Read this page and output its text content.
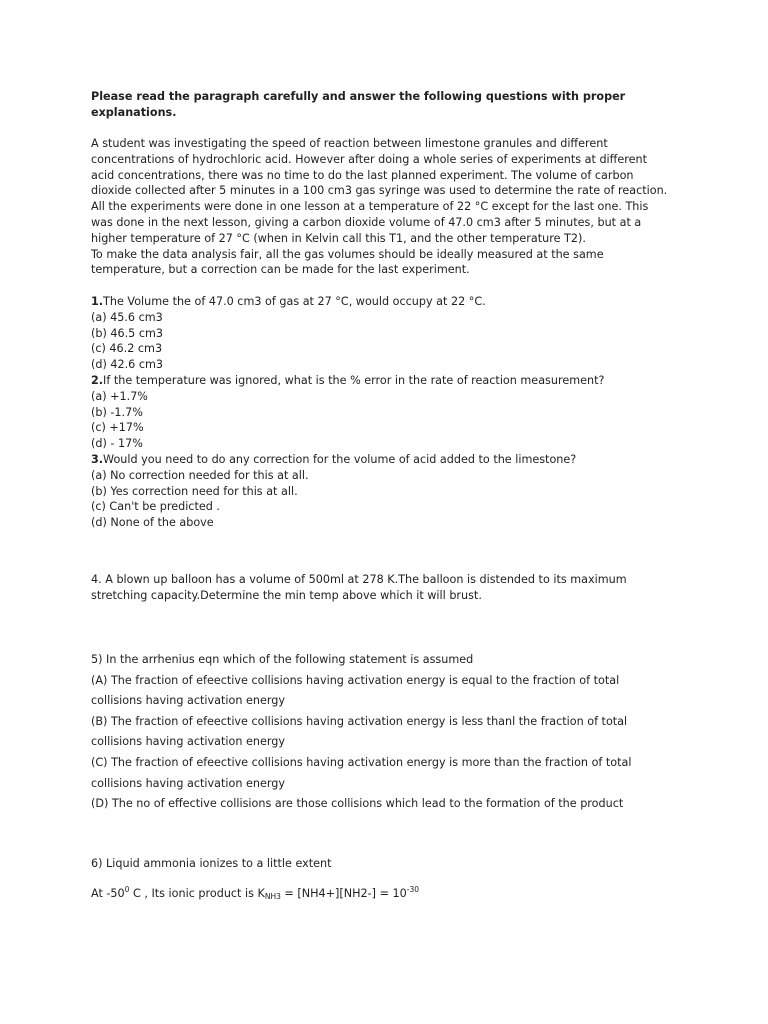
Please read the paragraph carefully and answer the following questions with proper
explanations.
A student was investigating the speed of reaction between limestone granules and different
concentrations of hydrochloric acid. However after doing a whole series of experiments at different
acid concentrations, there was no time to do the last planned experiment. The volume of carbon
dioxide collected after 5 minutes in a 100 cm3 gas syringe was used to determine the rate of reaction.
All the experiments were done in one lesson at a temperature of 22 °C except for the last one. This
was done in the next lesson, giving a carbon dioxide volume of 47.0 cm3 after 5 minutes, but at a
higher temperature of 27 °C (when in Kelvin call this T1, and the other temperature T2).
To make the data analysis fair, all the gas volumes should be ideally measured at the same
temperature, but a correction can be made for the last experiment.
1.The Volume the of 47.0 cm3 of gas at 27 °C, would occupy at 22 °C.
(a) 45.6 cm3
(b) 46.5 cm3
(c) 46.2 cm3
(d) 42.6 cm3
2.If the temperature was ignored, what is the % error in the rate of reaction measurement?
(a) +1.7%
(b) -1.7%
(c) +17%
(d) - 17%
3.Would you need to do any correction for the volume of acid added to the limestone?
(a) No correction needed for this at all.
(b) Yes correction need for this at all.
(c) Can't be predicted .
(d) None of the above
4. A blown up balloon has a volume of 500ml at 278 K.The balloon is distended to its maximum
stretching capacity.Determine the min temp above which it will brust.
5) In the arrhenius eqn which of the following statement is assumed
(A) The fraction of efeective collisions having activation energy is equal to the fraction of total
collisions having activation energy
(B) The fraction of efeective collisions having activation energy is less thanl the fraction of total
collisions having activation energy
(C) The fraction of efeective collisions having activation energy is more than the fraction of total
collisions having activation energy
(D) The no of effective collisions are those collisions which lead to the formation of the product
6) Liquid ammonia ionizes to a little extent
At $-50^0$ C , Its ionic product is $K_{NH3} = [NH4+][NH2-] = 10^{-30}$
